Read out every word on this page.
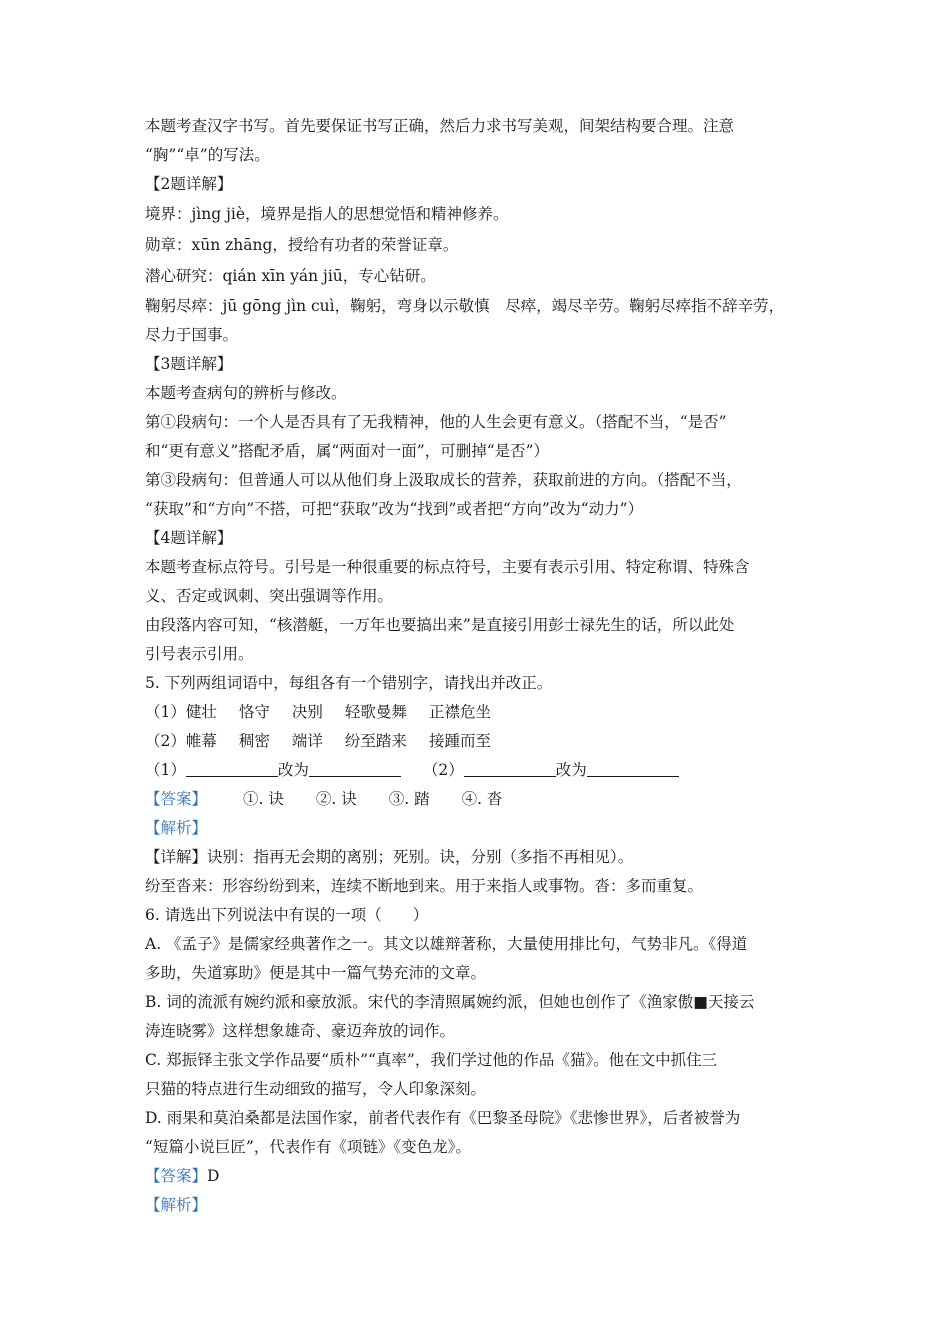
本题考查汉字书写。首先要保证书写正确，然后力求书写美观，间架结构要合理。注意
“胸”“卓”的写法。
【2题详解】
境界：jìng jiè，境界是指人的思想觉悟和精神修养。
勋章：xūn zhāng，授给有功者的荣誉证章。
潜心研究：qián xīn yán jiū，专心钻研。
鞠躬尽瘁：jū gōng jìn cuì，鞠躬，弯身以示敬慎　尽瘁，竭尽辛劳。鞠躬尽瘁指不辞辛劳，
尽力于国事。
【3题详解】
本题考查病句的辨析与修改。
第①段病句：一个人是否具有了无我精神，他的人生会更有意义。（搭配不当，“是否”
和“更有意义”搭配矛盾，属“两面对一面”，可删掉“是否”）
第③段病句：但普通人可以从他们身上汲取成长的营养，获取前进的方向。（搭配不当，
“获取”和“方向”不搭，可把“获取”改为“找到”或者把“方向”改为“动力”）
【4题详解】
本题考查标点符号。引号是一种很重要的标点符号，主要有表示引用、特定称谓、特殊含
义、否定或讽刺、突出强调等作用。
由段落内容可知，“核潜艇，一万年也要搞出来”是直接引用彭士禄先生的话，所以此处
引号表示引用。
5. 下列两组词语中，每组各有一个错别字，请找出并改正。
（1）健壮 恪守 决别 轻歌曼舞 正襟危坐
（2）帷幕 稠密 端详 纷至踏来 接踵而至
（1）	改为	（2）	改为
【答案】 ①. 诀 ②. 诀 ③. 踏 ④. 沓
【解析】
【详解】诀别：指再无会期的离别；死别。诀，分别（多指不再相见）。
纷至沓来：形容纷纷到来，连续不断地到来。用于来指人或事物。沓：多而重复。
6. 请选出下列说法中有误的一项（　　）
A. 《孟子》是儒家经典著作之一。其文以雄辩著称，大量使用排比句，气势非凡。《得道
多助，失道寡助》便是其中一篇气势充沛的文章。
B. 词的流派有婉约派和豪放派。宋代的李清照属婉约派，但她也创作了《渔家傲■天接云
涛连晓雾》这样想象雄奇、豪迈奔放的词作。
C. 郑振铎主张文学作品要“质朴”“真率”，我们学过他的作品《猫》。他在文中抓住三
只猫的特点进行生动细致的描写，令人印象深刻。
D. 雨果和莫泊桑都是法国作家，前者代表作有《巴黎圣母院》《悲惨世界》，后者被誉为
“短篇小说巨匠”，代表作有《项链》《变色龙》。
【答案】D
【解析】
